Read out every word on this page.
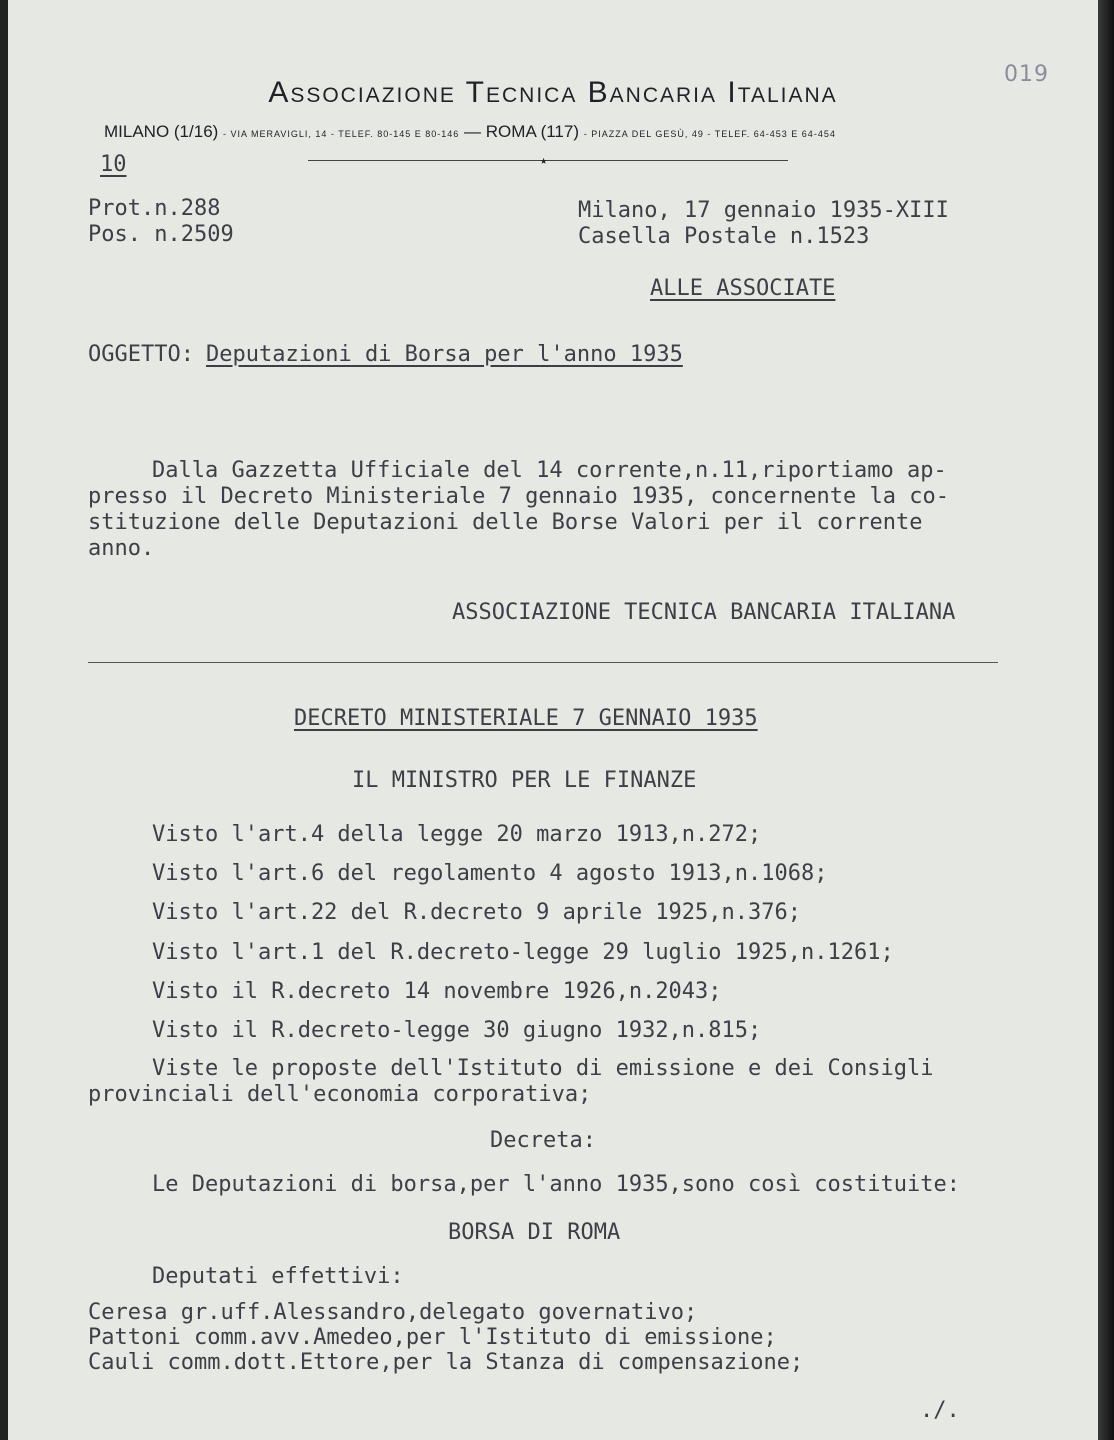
Associazione Tecnica Bancaria Italiana
MILANO (1/16) - VIA MERAVIGLI, 14 - TELEF. 80-145 E 80-146 — ROMA (117) - PIAZZA DEL GESÙ, 49 - TELEF. 64-453 E 64-454
★
019
10
Prot.n.288
Pos. n.2509
Milano, 17 gennaio 1935-XIII
Casella Postale n.1523
ALLE ASSOCIATE
OGGETTO: Deputazioni di Borsa per l'anno 1935
Dalla Gazzetta Ufficiale del 14 corrente,n.11,riportiamo ap-
presso il Decreto Ministeriale 7 gennaio 1935, concernente la co-
stituzione delle Deputazioni delle Borse Valori per il corrente
anno.
ASSOCIAZIONE TECNICA BANCARIA ITALIANA
DECRETO MINISTERIALE 7 GENNAIO 1935
IL MINISTRO PER LE FINANZE
Visto l'art.4 della legge 20 marzo 1913,n.272;
Visto l'art.6 del regolamento 4 agosto 1913,n.1068;
Visto l'art.22 del R.decreto 9 aprile 1925,n.376;
Visto l'art.1 del R.decreto-legge 29 luglio 1925,n.1261;
Visto il R.decreto 14 novembre 1926,n.2043;
Visto il R.decreto-legge 30 giugno 1932,n.815;
Viste le proposte dell'Istituto di emissione e dei Consigli
provinciali dell'economia corporativa;
Decreta:
Le Deputazioni di borsa,per l'anno 1935,sono così costituite:
BORSA DI ROMA
Deputati effettivi:
Ceresa gr.uff.Alessandro,delegato governativo;
Pattoni comm.avv.Amedeo,per l'Istituto di emissione;
Cauli comm.dott.Ettore,per la Stanza di compensazione;
./.
